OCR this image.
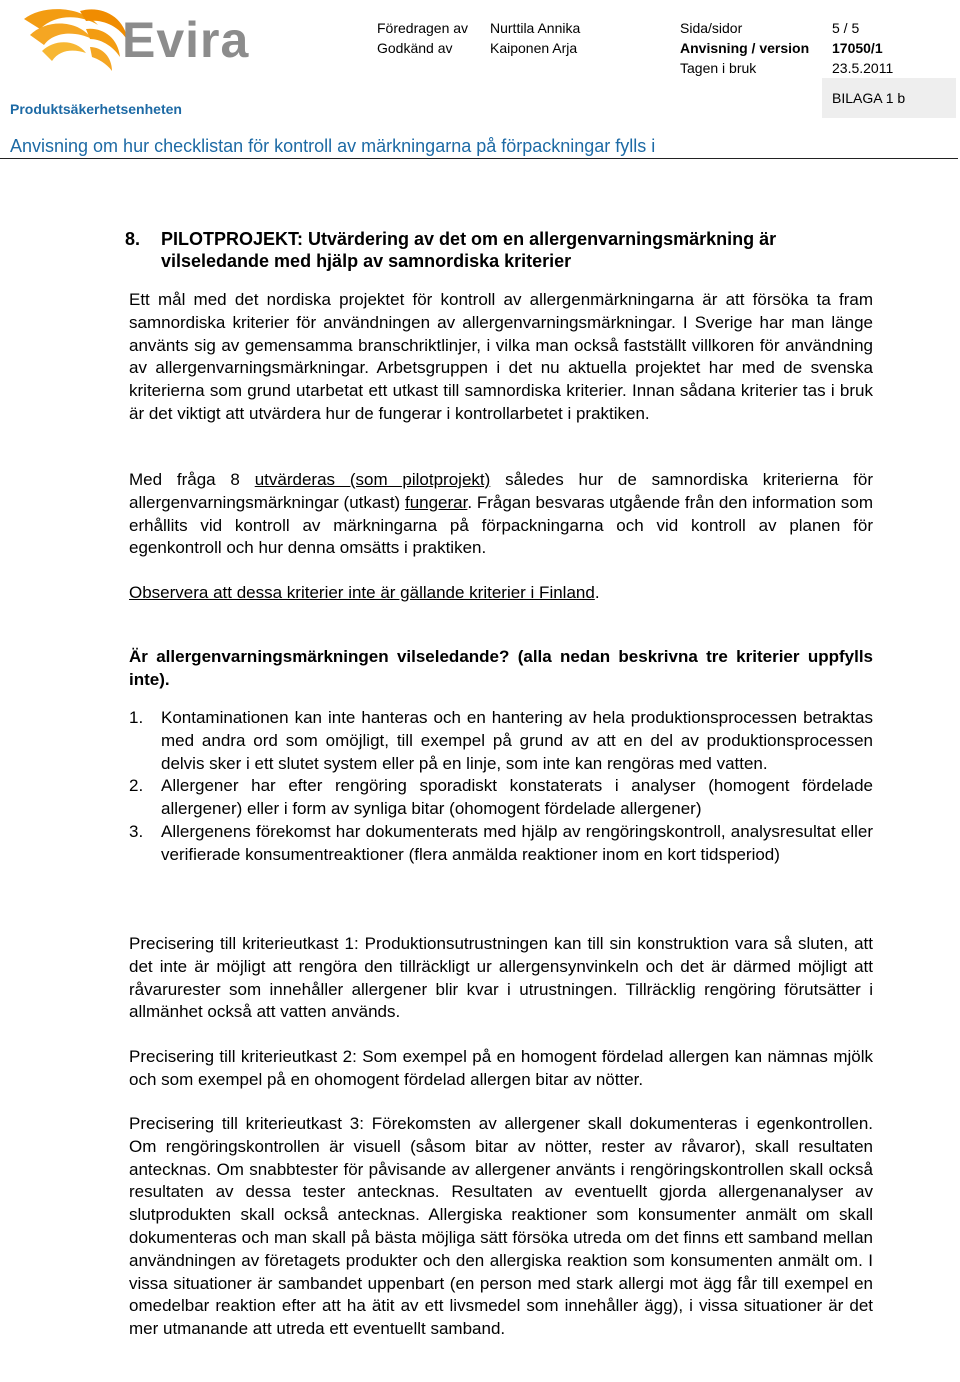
Evira	Föredragen av Nurttila Annika	Sida/sidor	5 / 5
Godkänd av	Kaiponen Arja	Anvisning / version 17050/1
Tagen i bruk	23.5.2011
Produktsäkerhetsenheten
BILAGA 1 b
Anvisning om hur checklistan för kontroll av märkningarna på förpackningar fylls i
8.	PILOTPROJEKT: Utvärdering av det om en allergenvarningsmärkning är vilseledande med hjälp av samnordiska kriterier

Ett mål med det nordiska projektet för kontroll av allergenmärkningarna är att försöka ta fram samnordiska kriterier för användningen av allergenvarningsmärkningar. I Sverige har man länge använts sig av gemensamma branschriktlinjer, i vilka man också fastställt villkoren för användning av allergenvarningsmärkningar. Arbetsgruppen i det nu aktuella projektet har med de svenska kriterierna som grund utarbetat ett utkast till samnordiska kriterier. Innan sådana kriterier tas i bruk är det viktigt att utvärdera hur de fungerar i kontrollarbetet i praktiken.

Med fråga 8 utvärderas (som pilotprojekt) således hur de samnordiska kriterierna för allergenvarningsmärkningar (utkast) fungerar. Frågan besvaras utgående från den information som erhållits vid kontroll av märkningarna på förpackningarna och vid kontroll av planen för egenkontroll och hur denna omsätts i praktiken.

Observera att dessa kriterier inte är gällande kriterier i Finland.

Är allergenvarningsmärkningen vilseledande? (alla nedan beskrivna tre kriterier uppfylls inte).

1. Kontaminationen kan inte hanteras och en hantering av hela produktionsprocessen betraktas med andra ord som omöjligt, till exempel på grund av att en del av produktionsprocessen delvis sker i ett slutet system eller på en linje, som inte kan rengöras med vatten.
2. Allergener har efter rengöring sporadiskt konstaterats i analyser (homogent fördelade allergener) eller i form av synliga bitar (ohomogent fördelade allergener)
3. Allergenens förekomst har dokumenterats med hjälp av rengöringskontroll, analysresultat eller verifierade konsumentreaktioner (flera anmälda reaktioner inom en kort tidsperiod)

Precisering till kriterieutkast 1: Produktionsutrustningen kan till sin konstruktion vara så sluten, att det inte är möjligt att rengöra den tillräckligt ur allergensynvinkeln och det är därmed möjligt att råvarurester som innehåller allergener blir kvar i utrustningen. Tillräcklig rengöring förutsätter i allmänhet också att vatten används.

Precisering till kriterieutkast 2: Som exempel på en homogent fördelad allergen kan nämnas mjölk och som exempel på en ohomogent fördelad allergen bitar av nötter.

Precisering till kriterieutkast 3: Förekomsten av allergener skall dokumenteras i egenkontrollen. Om rengöringskontrollen är visuell (såsom bitar av nötter, rester av råvaror), skall resultaten antecknas. Om snabbtester för påvisande av allergener använts i rengöringskontrollen skall också resultaten av dessa tester antecknas. Resultaten av eventuellt gjorda allergenanalyser av slutprodukten skall också antecknas. Allergiska reaktioner som konsumenter anmält om skall dokumenteras och man skall på bästa möjliga sätt försöka utreda om det finns ett samband mellan användningen av företagets produkter och den allergiska reaktion som konsumenten anmält om. I vissa situationer är sambandet uppenbart (en person med stark allergi mot ägg får till exempel en omedelbar reaktion efter att ha ätit av ett livsmedel som innehåller ägg), i vissa situationer är det mer utmanande att utreda ett eventuellt samband.
